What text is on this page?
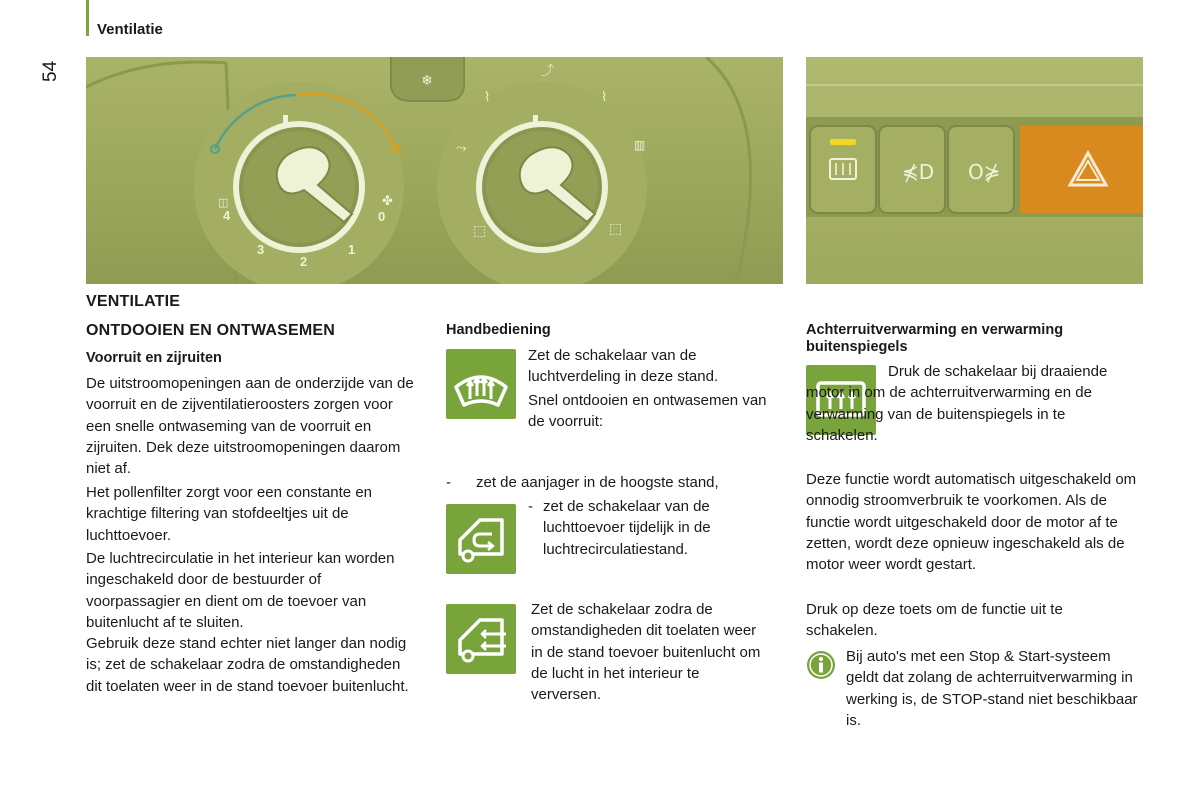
Ventilatie
54	❄
◫
4
3
2
1
0
✤
⤴
⌇	⌇
⤳	▥
⬚	⬚
⋠D O⋡
VENTILATIE
ONTDOOIEN EN ONTWASEMEN
Voorruit en zijruiten
De uitstroomopeningen aan de onderzijde van de voorruit en de zijventilatieroosters zorgen voor een snelle ontwaseming van de voorruit en zijruiten. Dek deze uitstroomopeningen daarom niet af.
Het pollenfilter zorgt voor een constante en krachtige filtering van stofdeeltjes uit de luchttoevoer.
De luchtrecirculatie in het interieur kan worden ingeschakeld door de bestuurder of voorpassagier en dient om de toevoer van buitenlucht af te sluiten.
Gebruik deze stand echter niet langer dan nodig is; zet de schakelaar zodra de omstandigheden dit toelaten weer in de stand toevoer buitenlucht.
Handbediening
Zet de schakelaar van de luchtverdeling in deze stand.
Snel ontdooien en ontwasemen van de voorruit:
- zet de aanjager in de hoogste stand,
- zet de schakelaar van de luchttoevoer tijdelijk in de luchtrecirculatiestand.
Zet de schakelaar zodra de omstandigheden dit toelaten weer in de stand toevoer buitenlucht om de lucht in het interieur te verversen.
Achterruitverwarming en verwarming buitenspiegels
Druk de schakelaar bij draaiende motor in om de achterruitverwarming en de verwarming van de buitenspiegels in te schakelen.
Deze functie wordt automatisch uitgeschakeld om onnodig stroomverbruik te voorkomen. Als de functie wordt uitgeschakeld door de motor af te zetten, wordt deze opnieuw ingeschakeld als de motor weer wordt gestart.
Druk op deze toets om de functie uit te schakelen.
Bij auto's met een Stop & Start-systeem geldt dat zolang de achterruitverwarming in werking is, de STOP-stand niet beschikbaar is.
